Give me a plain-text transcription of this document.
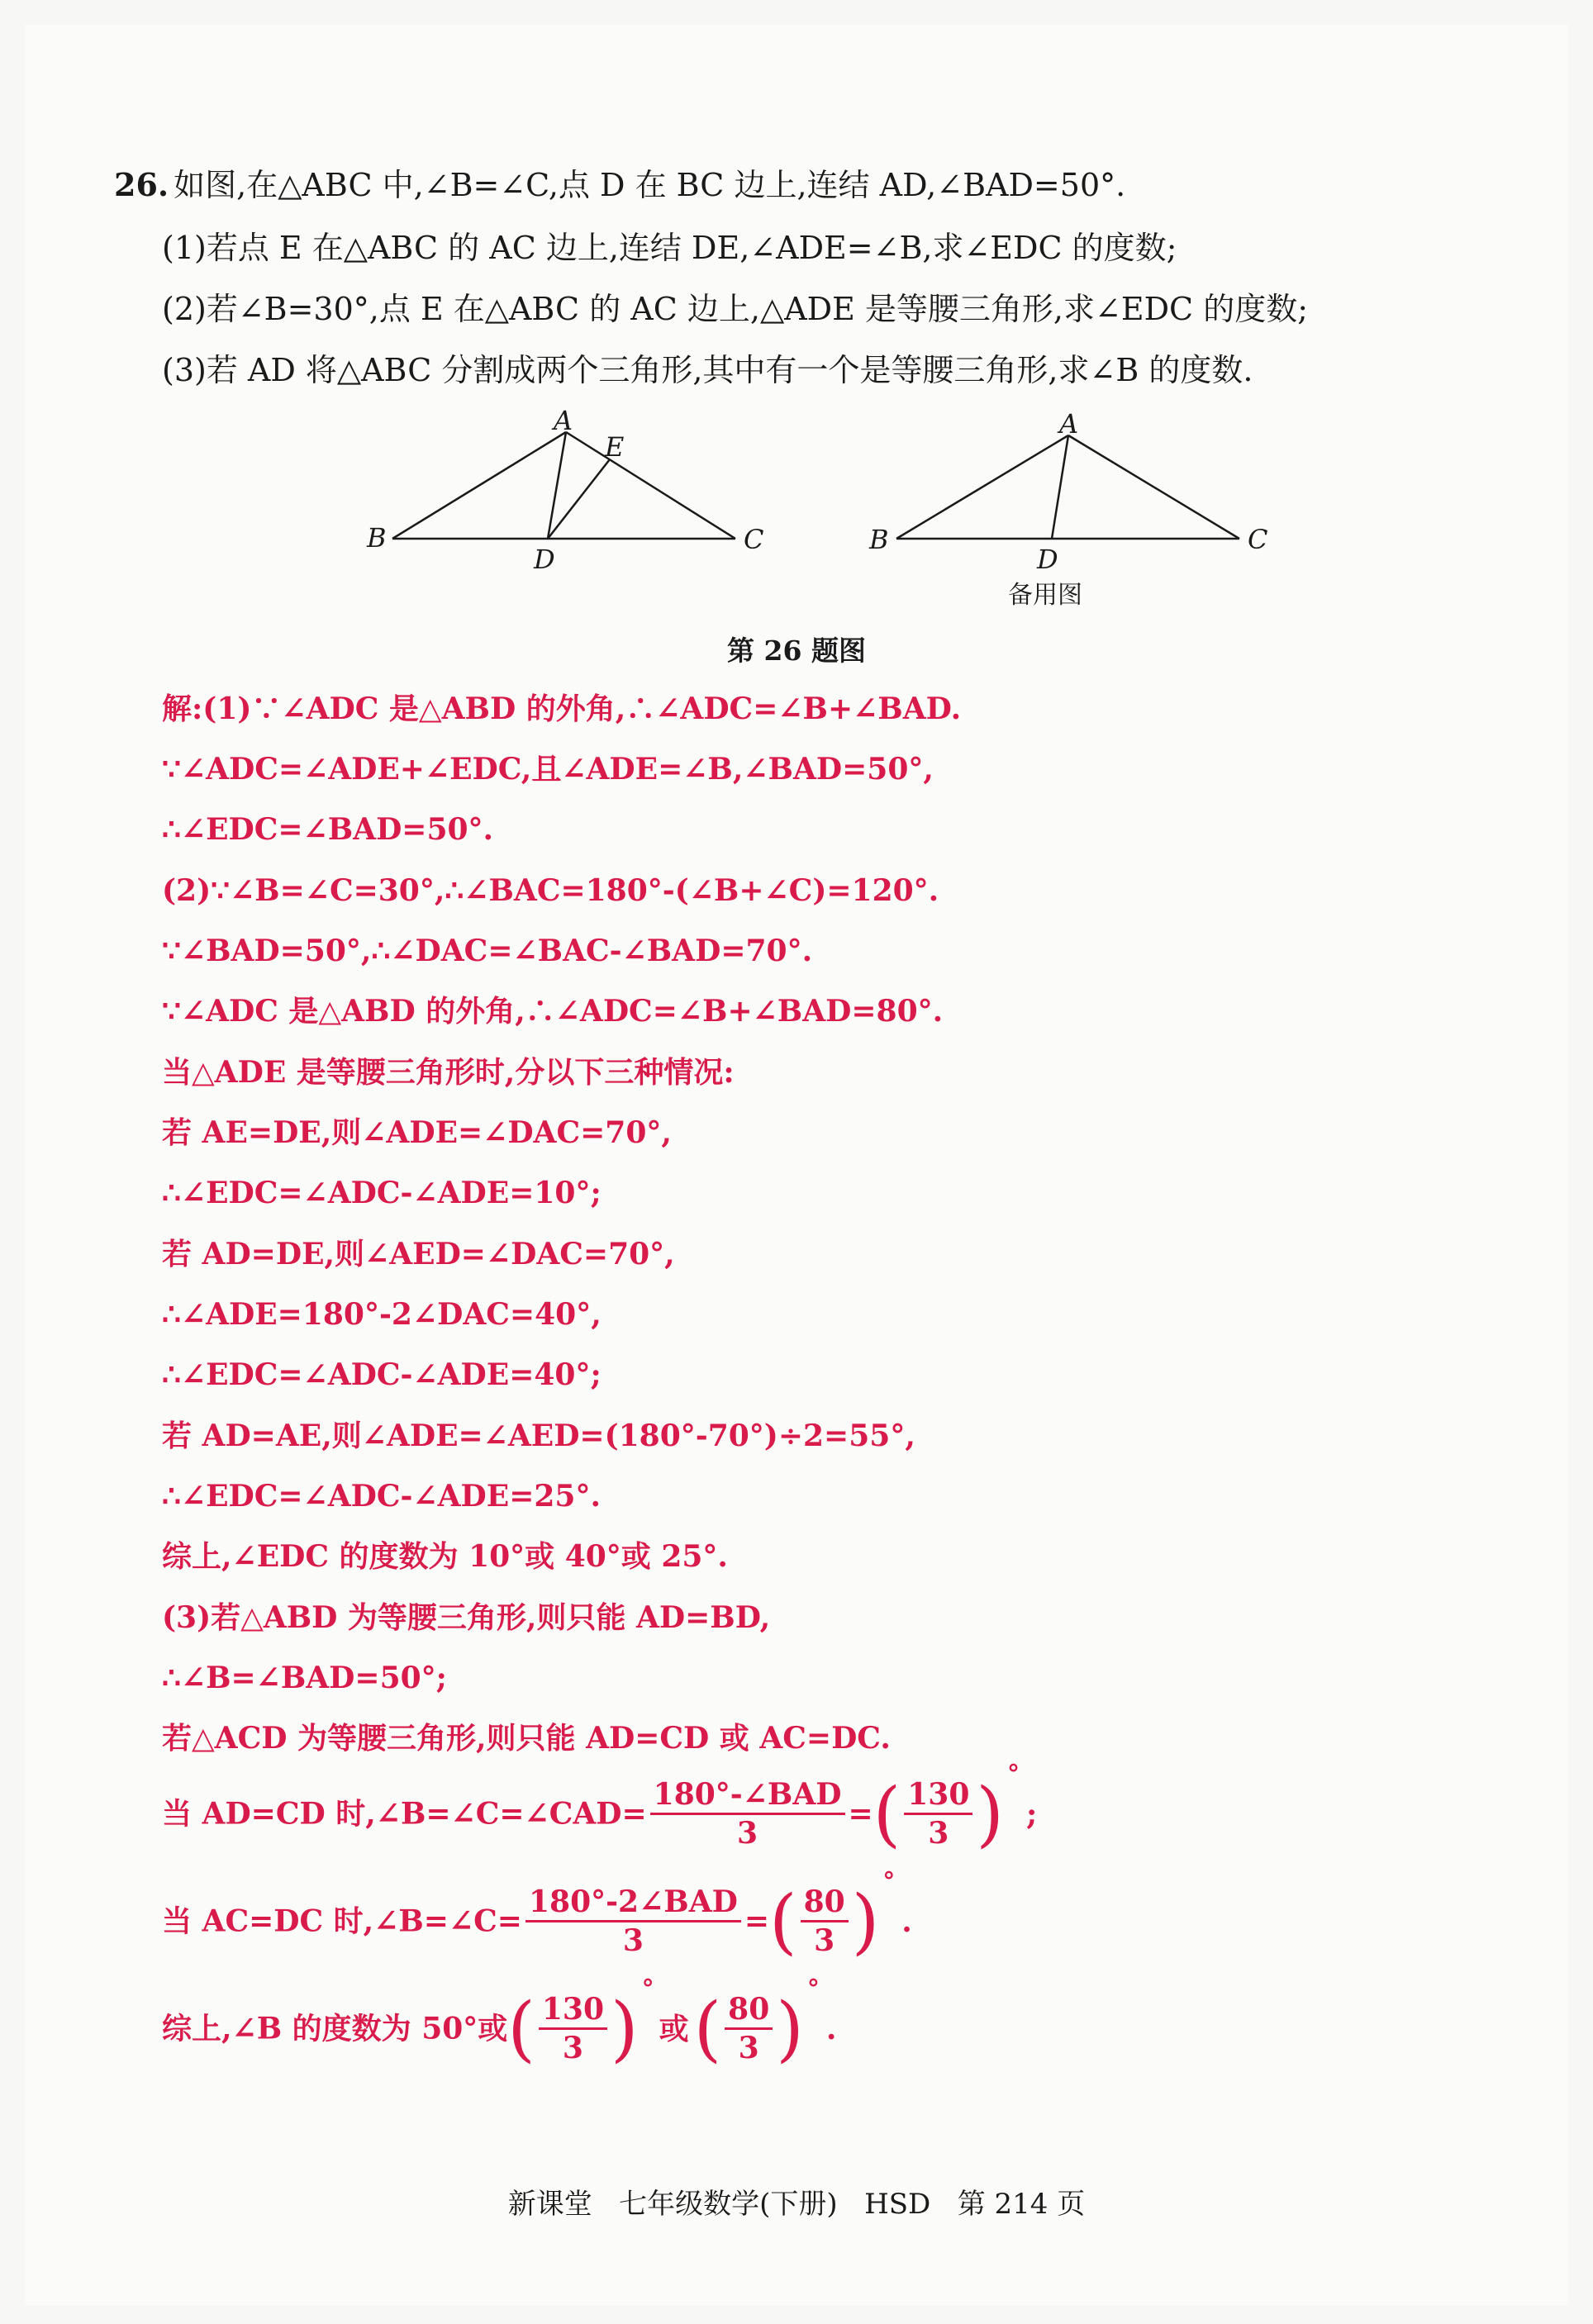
26. 如图,在△ABC 中,∠B=∠C,点 D 在 BC 边上,连结 AD,∠BAD=50°.
(1)若点 E 在△ABC 的 AC 边上,连结 DE,∠ADE=∠B,求∠EDC 的度数;
(2)若∠B=30°,点 E 在△ABC 的 AC 边上,△ADE 是等腰三角形,求∠EDC 的度数;
(3)若 AD 将△ABC 分割成两个三角形,其中有一个是等腰三角形,求∠B 的度数.
A
E
B	C
D
A
B	C
D
备用图
第 26 题图
解:(1)∵∠ADC 是△ABD 的外角,∴∠ADC=∠B+∠BAD.
∵∠ADC=∠ADE+∠EDC,且∠ADE=∠B,∠BAD=50°,
∴∠EDC=∠BAD=50°.
(2)∵∠B=∠C=30°,∴∠BAC=180°-(∠B+∠C)=120°.
∵∠BAD=50°,∴∠DAC=∠BAC-∠BAD=70°.
∵∠ADC 是△ABD 的外角,∴∠ADC=∠B+∠BAD=80°.
当△ADE 是等腰三角形时,分以下三种情况:
若 AE=DE,则∠ADE=∠DAC=70°,
∴∠EDC=∠ADC-∠ADE=10°;
若 AD=DE,则∠AED=∠DAC=70°,
∴∠ADE=180°-2∠DAC=40°,
∴∠EDC=∠ADC-∠ADE=40°;
若 AD=AE,则∠ADE=∠AED=(180°-70°)÷2=55°,
∴∠EDC=∠ADC-∠ADE=25°.
综上,∠EDC 的度数为 10°或 40°或 25°.
(3)若△ABD 为等腰三角形,则只能 AD=BD,
∴∠B=∠BAD=50°;
若△ACD 为等腰三角形,则只能 AD=CD 或 AC=DC.
当 AD=CD 时,∠B=∠C=∠CAD= $\frac{\text{180°-∠BAD}}{3}$ =( $\frac{130}{3}$ ) °;
当 AC=DC 时,∠B=∠C= $\frac{\text{180°-2∠BAD}}{3}$ =( $\frac{80}{3}$ ) °.
综上,∠B 的度数为 50°或( $\frac{130}{3}$ ) °或( $\frac{80}{3}$ ) °.
新课堂   七年级数学(下册)   HSD   第 214 页
